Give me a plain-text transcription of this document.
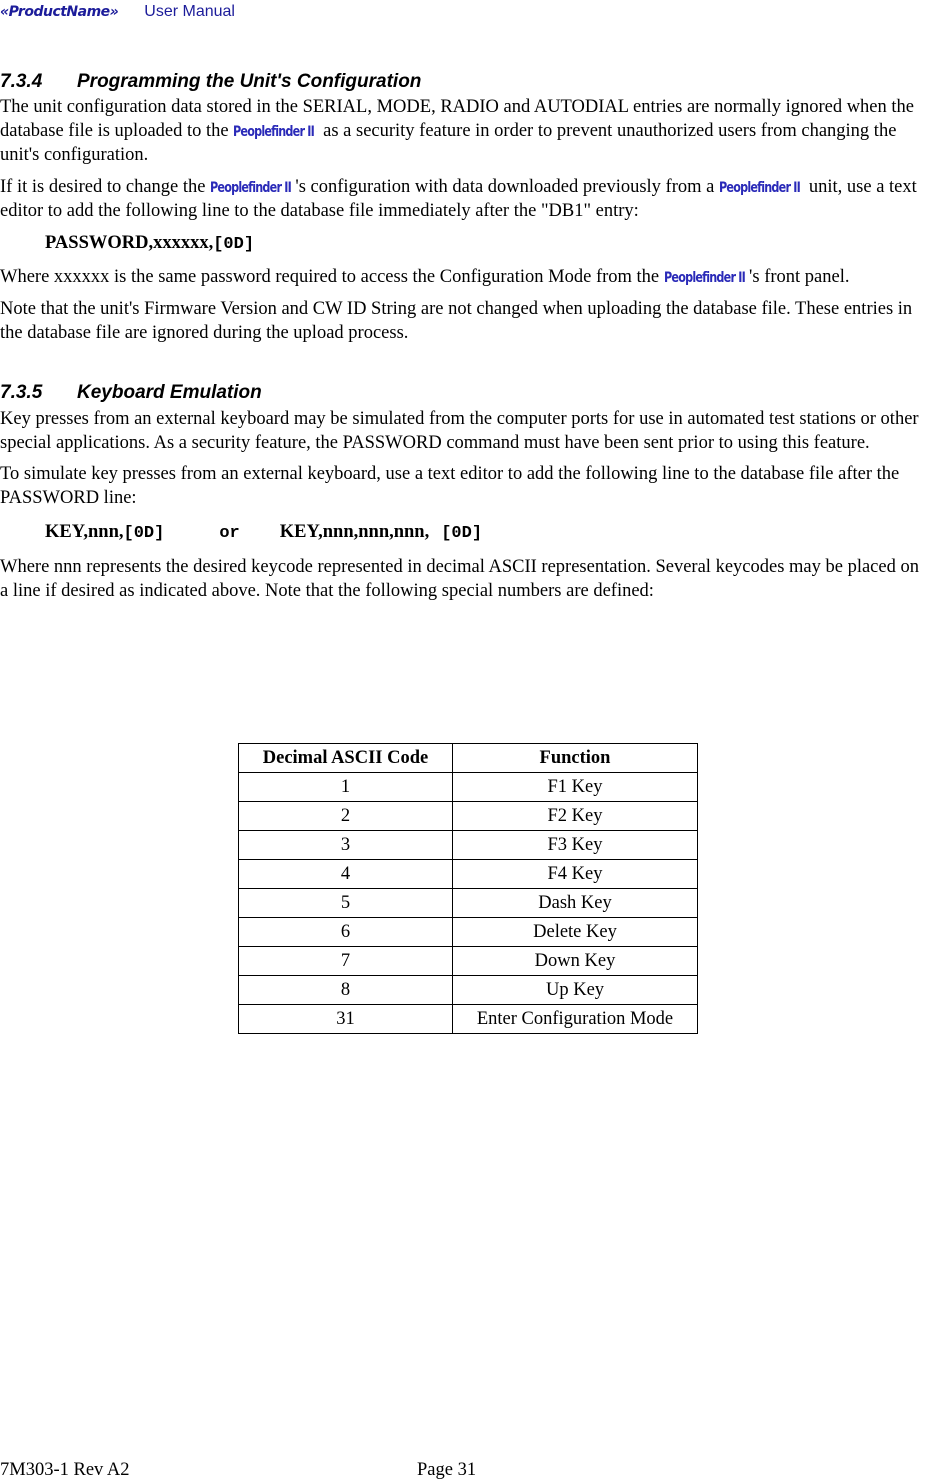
«ProductName» User Manual
7.3.4 Programming the Unit's Configuration

The unit configuration data stored in the SERIAL, MODE, RADIO and AUTODIAL entries are normally ignored when the database file is uploaded to the Peoplefinder II as a security feature in order to prevent unauthorized users from changing the unit's configuration.

If it is desired to change the Peoplefinder II 's configuration with data downloaded previously from a Peoplefinder II unit, use a text editor to add the following line to the database file immediately after the "DB1" entry:

PASSWORD,xxxxxx,[0D]

Where xxxxxx is the same password required to access the Configuration Mode from the Peoplefinder II 's front panel.

Note that the unit's Firmware Version and CW ID String are not changed when uploading the database file. These entries in the database file are ignored during the upload process.

7.3.5 Keyboard Emulation

Key presses from an external keyboard may be simulated from the computer ports for use in automated test stations or other special applications. As a security feature, the PASSWORD command must have been sent prior to using this feature.

To simulate key presses from an external keyboard, use a text editor to add the following line to the database file after the PASSWORD line:

KEY,nnn,[0D]	or KEY,nnn,nnn,nnn, [0D]

Where nnn represents the desired keycode represented in decimal ASCII representation. Several keycodes may be placed on a line if desired as indicated above. Note that the following special numbers are defined:

Decimal ASCII Code	Function
1	F1 Key
2	F2 Key
3	F3 Key
4	F4 Key
5	Dash Key
6	Delete Key
7	Down Key
8	Up Key
31	Enter Configuration Mode
7M303-1 Rev A2	Page 31
